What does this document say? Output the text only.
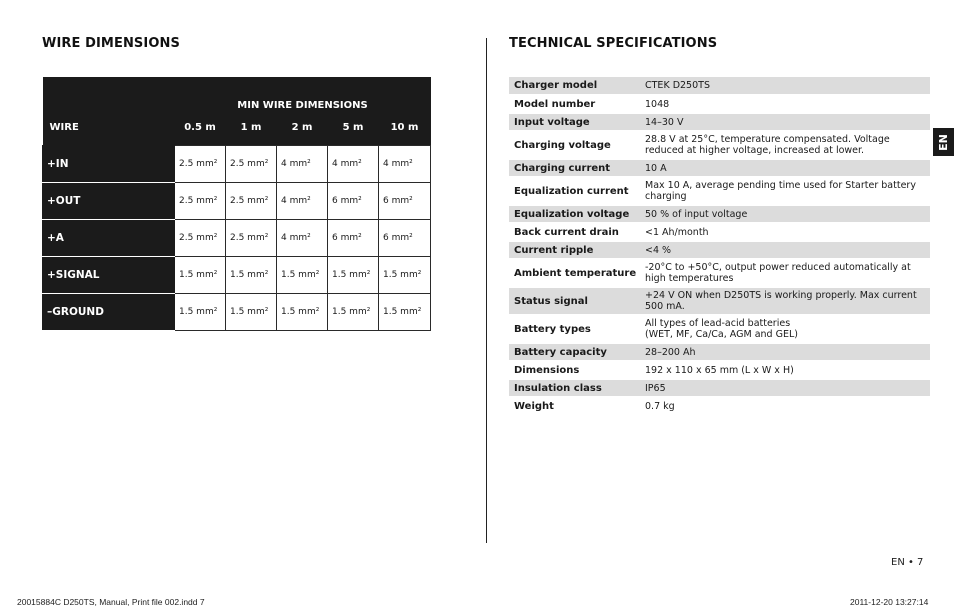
WIRE DIMENSIONS	TECHNICAL SPECIFICATIONS
	MIN WIRE DIMENSIONS				
WIRE	0.5 m	1 m	2 m	5 m	10 m
+IN	2.5 mm²	2.5 mm²	4 mm²	4 mm²	4 mm²
+OUT	2.5 mm²	2.5 mm²	4 mm²	6 mm²	6 mm²
+A	2.5 mm²	2.5 mm²	4 mm²	6 mm²	6 mm²
+SIGNAL	1.5 mm²	1.5 mm²	1.5 mm²	1.5 mm²	1.5 mm²
–GROUND	1.5 mm²	1.5 mm²	1.5 mm²	1.5 mm²	1.5 mm²
Charger model	CTEK D250TS
Model number	1048
Input voltage	14–30 V
Charging voltage	28.8 V at 25°C, temperature compensated. Voltage reduced at higher voltage, increased at lower.
Charging current	10 A
Equalization current	Max 10 A, average pending time used for Starter battery charging
Equalization voltage	50 % of input voltage
Back current drain	<1 Ah/month
Current ripple	<4 %
Ambient temperature	-20°C to +50°C, output power reduced automatically at high temperatures
Status signal	+24 V ON when D250TS is working properly. Max current 500 mA.
Battery types	All types of lead-acid batteries
(WET, MF, Ca/Ca, AGM and GEL)
Battery capacity	28–200 Ah
Dimensions	192 x 110 x 65 mm (L x W x H)
Insulation class	IP65
Weight	0.7 kg
EN
EN • 7
20015884C D250TS, Manual, Print file 002.indd 7	2011-12-20 13:27:14
